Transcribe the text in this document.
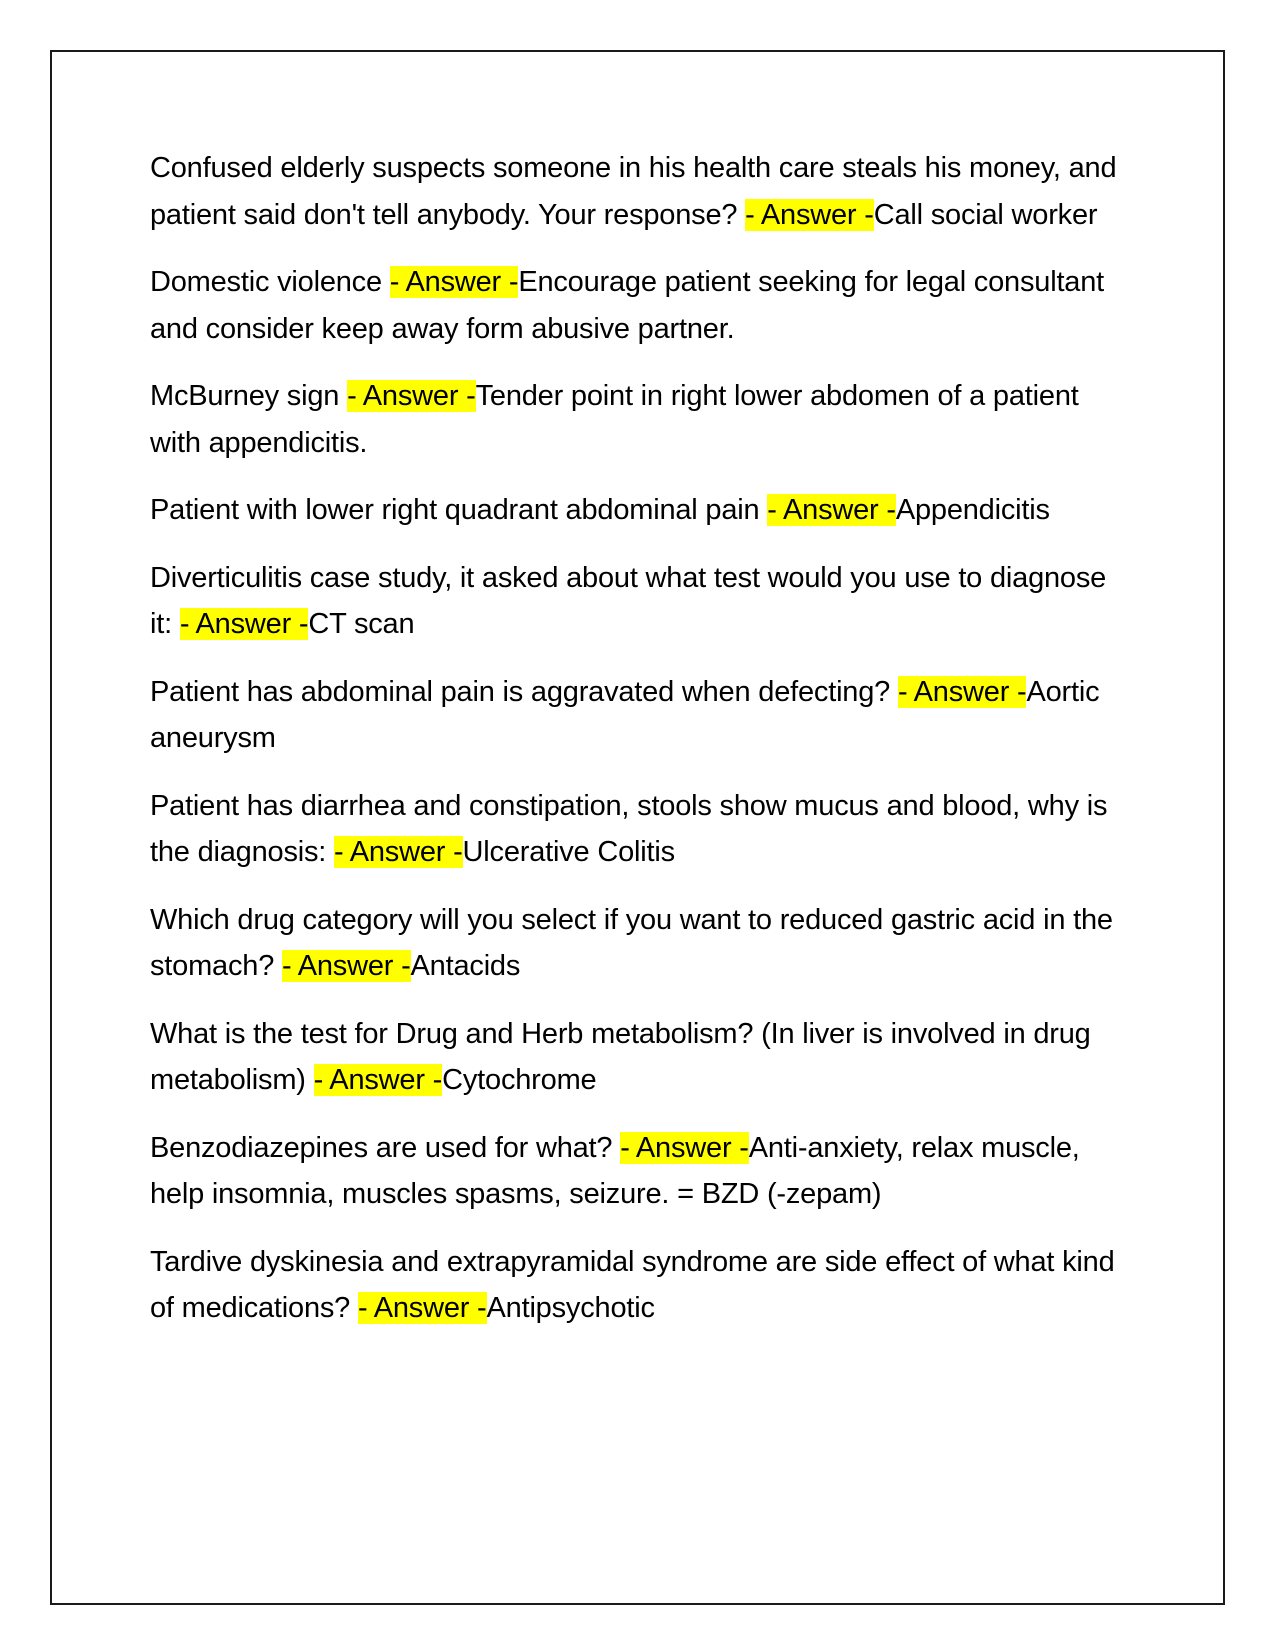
Confused elderly suspects someone in his health care steals his money, and patient said don't tell anybody. Your response? - Answer -Call social worker

Domestic violence - Answer -Encourage patient seeking for legal consultant and consider keep away form abusive partner.

McBurney sign - Answer -Tender point in right lower abdomen of a patient with appendicitis.

Patient with lower right quadrant abdominal pain - Answer -Appendicitis

Diverticulitis case study, it asked about what test would you use to diagnose it: - Answer -CT scan

Patient has abdominal pain is aggravated when defecting? - Answer -Aortic aneurysm

Patient has diarrhea and constipation, stools show mucus and blood, why is the diagnosis: - Answer -Ulcerative Colitis

Which drug category will you select if you want to reduced gastric acid in the stomach? - Answer -Antacids

What is the test for Drug and Herb metabolism? (In liver is involved in drug metabolism) - Answer -Cytochrome

Benzodiazepines are used for what? - Answer -Anti-anxiety, relax muscle, help insomnia, muscles spasms, seizure. = BZD (-zepam)

Tardive dyskinesia and extrapyramidal syndrome are side effect of what kind of medications? - Answer -Antipsychotic
